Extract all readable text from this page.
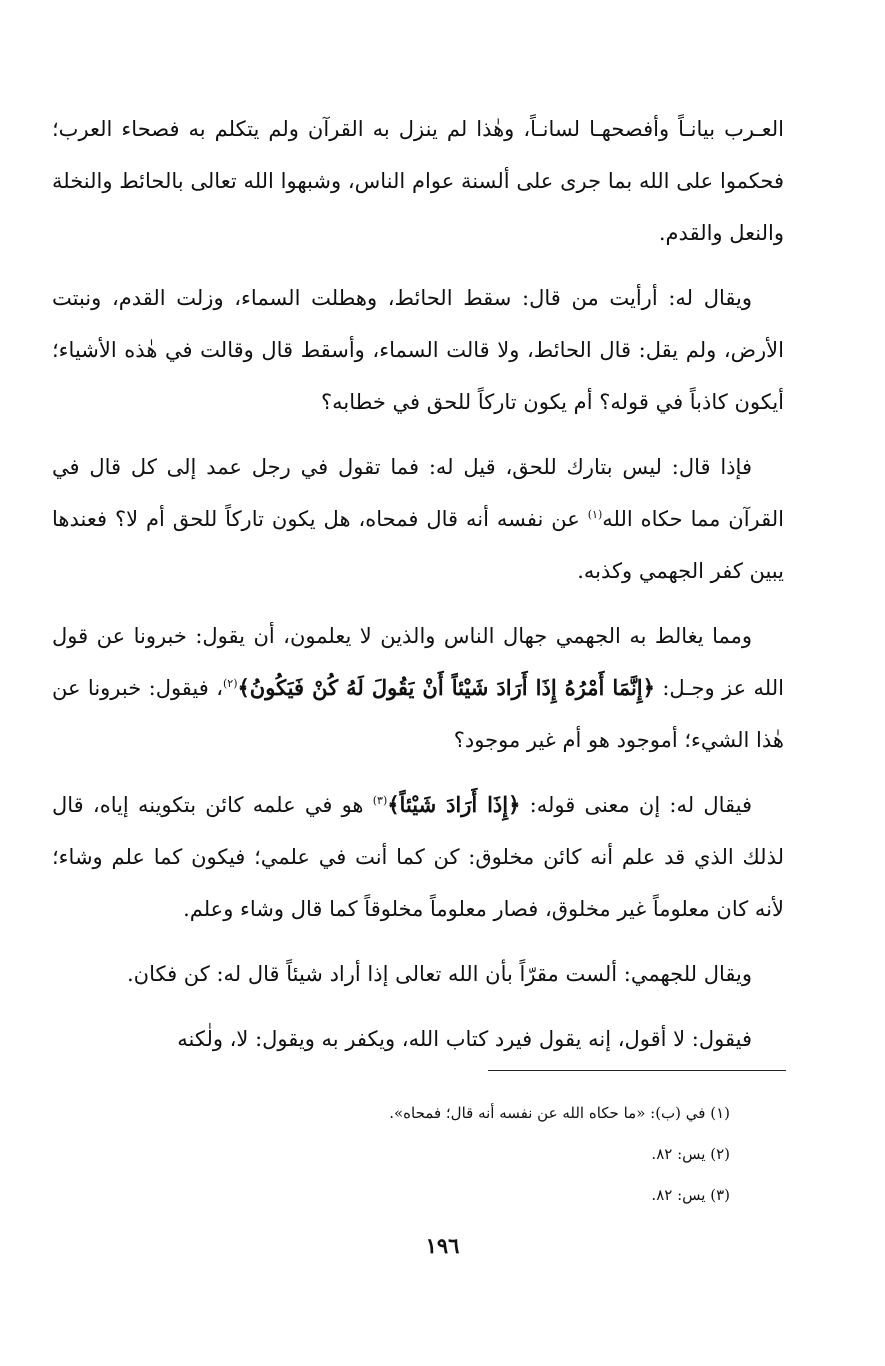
العـرب بيانـاً وأفصحهـا لسانـاً، وهٰذا لم ينزل به القرآن ولم يتكلم به فصحاء العرب؛ فحكموا على الله بما جرى على ألسنة عوام الناس، وشبهوا الله تعالى بالحائط والنخلة والنعل والقدم.

ويقال له: أرأيت من قال: سقط الحائط، وهطلت السماء، وزلت القدم، ونبتت الأرض، ولم يقل: قال الحائط، ولا قالت السماء، وأسقط قال وقالت في هٰذه الأشياء؛ أيكون كاذباً في قوله؟ أم يكون تاركاً للحق في خطابه؟

فإذا قال: ليس بتارك للحق، قيل له: فما تقول في رجل عمد إلى كل قال في القرآن مما حكاه الله$^{(١)}$ عن نفسه أنه قال فمحاه، هل يكون تاركاً للحق أم لا؟ فعندها يبين كفر الجهمي وكذبه.

ومما يغالط به الجهمي جهال الناس والذين لا يعلمون، أن يقول: خبرونا عن قول الله عز وجـل: ﴿إِنَّمَا أَمْرُهُ إِذَا أَرَادَ شَيْئاً أَنْ يَقُولَ لَهُ كُنْ فَيَكُونُ﴾$^{(٢)}$، فيقول: خبرونا عن هٰذا الشيء؛ أموجود هو أم غير موجود؟

فيقال له: إن معنى قوله: ﴿إِذَا أَرَادَ شَيْئاً﴾$^{(٣)}$ هو في علمه كائن بتكوينه إياه، قال لذلك الذي قد علم أنه كائن مخلوق: كن كما أنت في علمي؛ فيكون كما علم وشاء؛ لأنه كان معلوماً غير مخلوق، فصار معلوماً مخلوقاً كما قال وشاء وعلم.

ويقال للجهمي: ألست مقرّاً بأن الله تعالى إذا أراد شيئاً قال له: كن فكان.

فيقول: لا أقول، إنه يقول فيرد كتاب الله، ويكفر به ويقول: لا، ولٰكنه

(١) في (ب): «ما حكاه الله عن نفسه أنه قال؛ فمحاه».

(٢) يس: ٨٢.

(٣) يس: ٨٢.

١٩٦
